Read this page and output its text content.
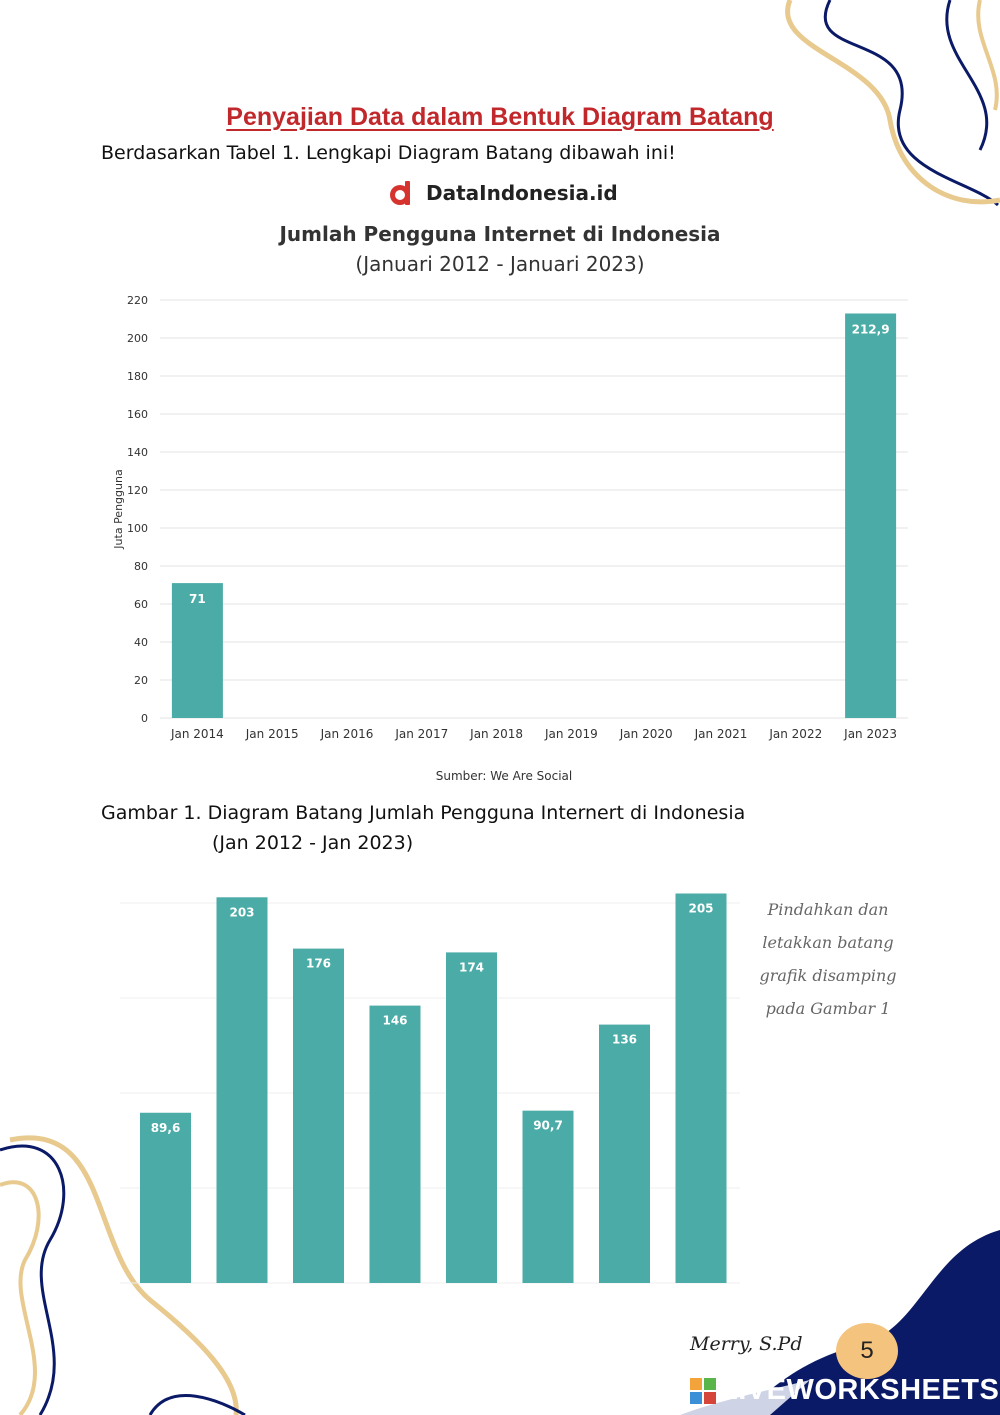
Penyajian Data dalam Bentuk Diagram Batang
Berdasarkan Tabel 1. Lengkapi Diagram Batang dibawah ini!
DataIndonesia.id
Jumlah Pengguna Internet di Indonesia
(Januari 2012 - Januari 2023)
0
20
40
60
80
100
120
140
160
180
200
220
Jan 2014
71
Jan 2015 Jan 2016 Jan 2017 Jan 2018 Jan 2019 Jan 2020 Jan 2021 Jan 2022 Jan 2023
212,9
Juta Pengguna
Sumber: We Are Social
Gambar 1. Diagram Batang Jumlah Pengguna Internert di Indonesia
(Jan 2012 - Jan 2023)
89,6
203
176
146
174
90,7
136
205	Pindahkan dan
letakkan batang
grafik disamping
pada Gambar 1
Merry, S.Pd	5
LIVEWORKSHEETS
